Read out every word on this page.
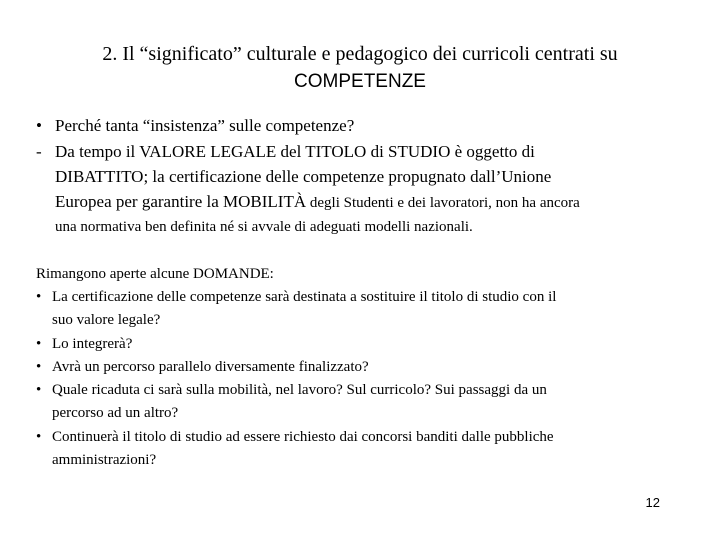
2. Il “significato” culturale e pedagogico dei curricoli centrati su
COMPETENZE
• Perché tanta “insistenza” sulle competenze?
- Da tempo il VALORE LEGALE del TITOLO di STUDIO è oggetto di
DIBATTITO; la certificazione delle competenze propugnato dall’Unione
Europea per garantire la MOBILITÀ degli Studenti e dei lavoratori, non ha ancora
una normativa ben definita né si avvale di adeguati modelli nazionali.
Rimangono aperte alcune DOMANDE:
• La certificazione delle competenze sarà destinata a sostituire il titolo di studio con il
suo valore legale?
• Lo integrerà?
• Avrà un percorso parallelo diversamente finalizzato?
• Quale ricaduta ci sarà sulla mobilità, nel lavoro? Sul curricolo? Sui passaggi da un
percorso ad un altro?
• Continuerà il titolo di studio ad essere richiesto dai concorsi banditi dalle pubbliche
amministrazioni?
12
